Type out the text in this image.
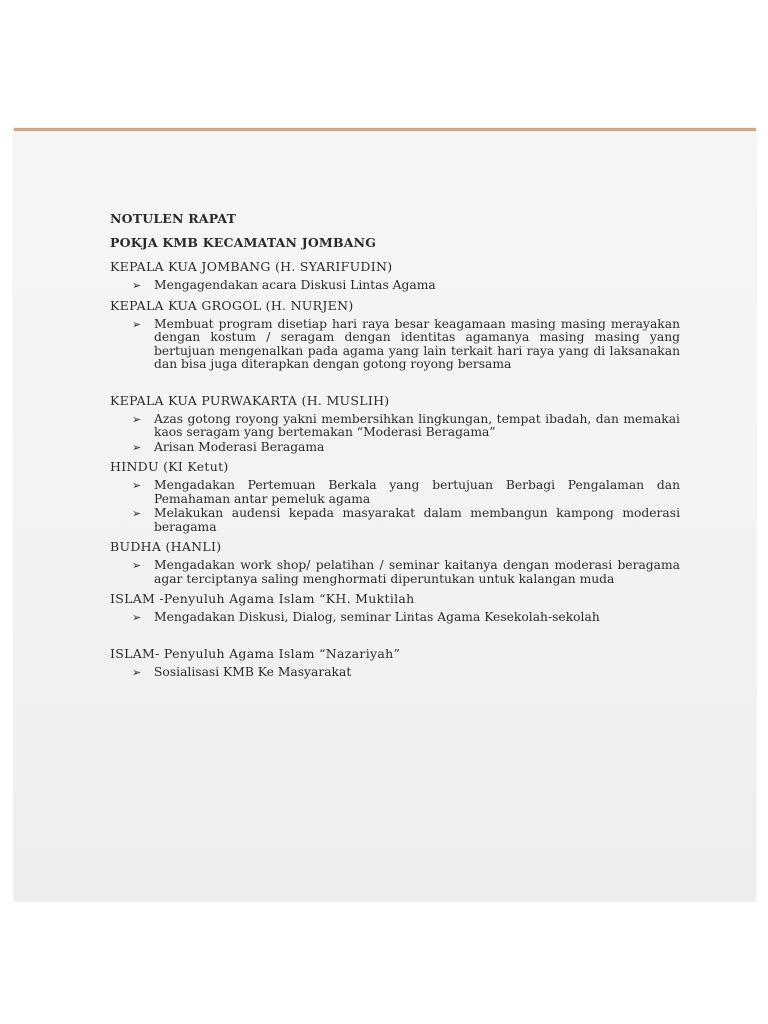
NOTULEN RAPAT
POKJA KMB KECAMATAN JOMBANG
KEPALA KUA JOMBANG (H. SYARIFUDIN)
➢ Mengagendakan acara Diskusi Lintas Agama
KEPALA KUA GROGOL (H. NURJEN)
➢ Membuat program disetiap hari raya besar keagamaan masing masing merayakan dengan kostum / seragam dengan identitas agamanya masing masing yang bertujuan mengenalkan pada agama yang lain terkait hari raya yang di laksanakan dan bisa juga diterapkan dengan gotong royong bersama
KEPALA KUA PURWAKARTA (H. MUSLIH)
➢ Azas gotong royong yakni membersihkan lingkungan, tempat ibadah, dan memakai kaos seragam yang bertemakan “Moderasi Beragama”
➢ Arisan Moderasi Beragama
HINDU (KI Ketut)
➢ Mengadakan Pertemuan Berkala yang bertujuan Berbagi Pengalaman dan Pemahaman antar pemeluk agama
➢ Melakukan audensi kepada masyarakat dalam membangun kampong moderasi beragama
BUDHA (HANLI)
➢ Mengadakan work shop/ pelatihan / seminar kaitanya dengan moderasi beragama agar terciptanya saling menghormati diperuntukan untuk kalangan muda
ISLAM -Penyuluh Agama Islam “KH. Muktilah
➢ Mengadakan Diskusi, Dialog, seminar Lintas Agama Kesekolah-sekolah
ISLAM- Penyuluh Agama Islam “Nazariyah”
➢ Sosialisasi KMB Ke Masyarakat
